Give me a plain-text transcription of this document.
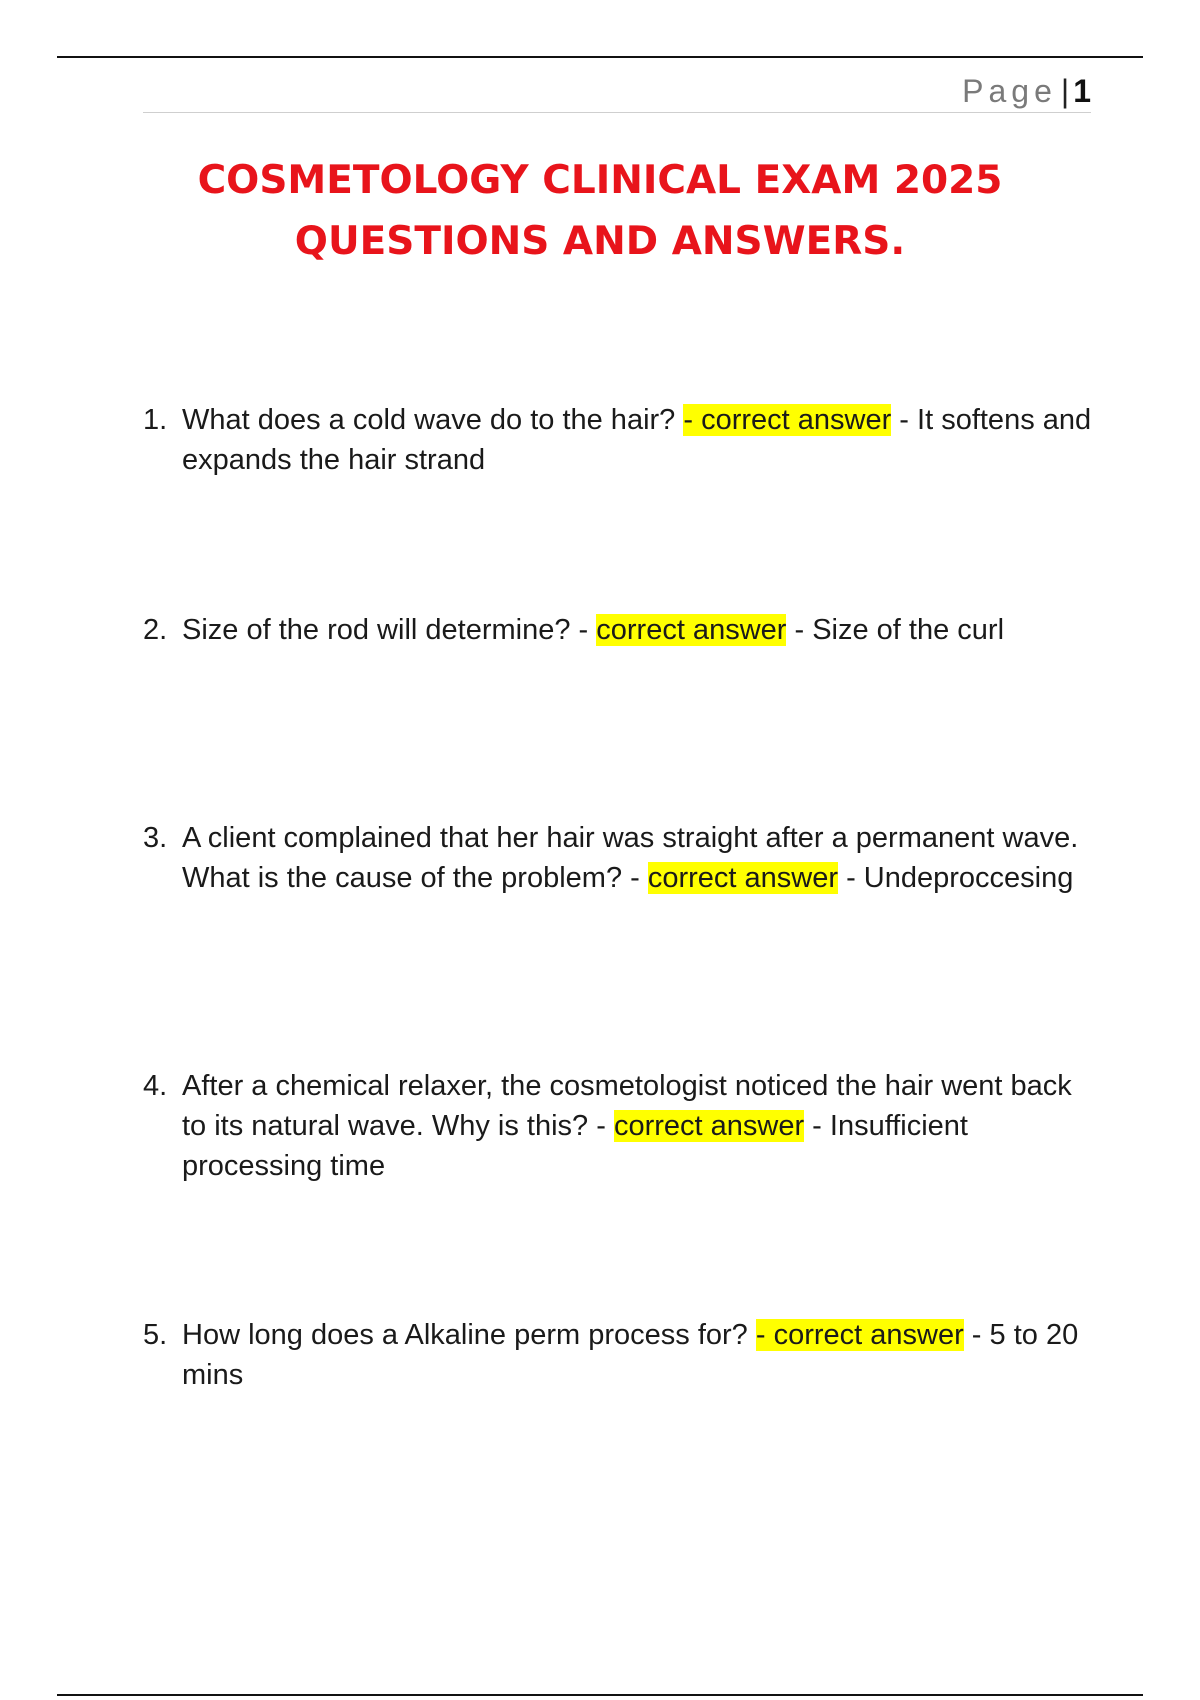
Page | 1
COSMETOLOGY CLINICAL EXAM 2025
QUESTIONS AND ANSWERS.
1. What does a cold wave do to the hair? - correct answer - It softens and expands the hair strand
2. Size of the rod will determine? - correct answer - Size of the curl
3. A client complained that her hair was straight after a permanent wave. What is the cause of the problem? - correct answer - Undeproccesing
4. After a chemical relaxer, the cosmetologist noticed the hair went back to its natural wave. Why is this? - correct answer - Insufficient processing time
5. How long does a Alkaline perm process for? - correct answer - 5 to 20 mins
